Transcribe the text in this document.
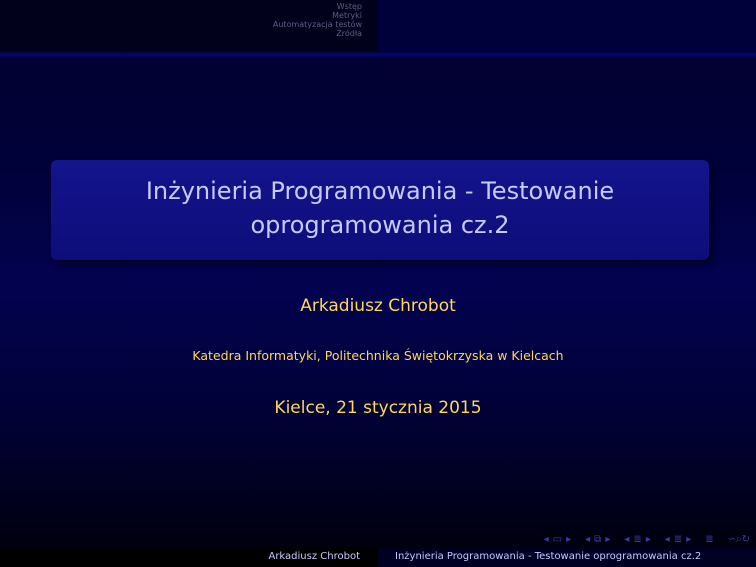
Wstęp
Metryki
Automatyzacja testów
Źródła
Inżynieria Programowania - Testowanie
oprogramowania cz.2
Arkadiusz Chrobot
Katedra Informatyki, Politechnika Świętokrzyska w Kielcach
Kielce, 21 stycznia 2015
◂ ▭ ▸ ◂ ⧉ ▸ ◂ ≣ ▸ ◂ ≣ ▸ ≣ ∽⌕↻
Arkadiusz Chrobot	Inżynieria Programowania - Testowanie oprogramowania cz.2
